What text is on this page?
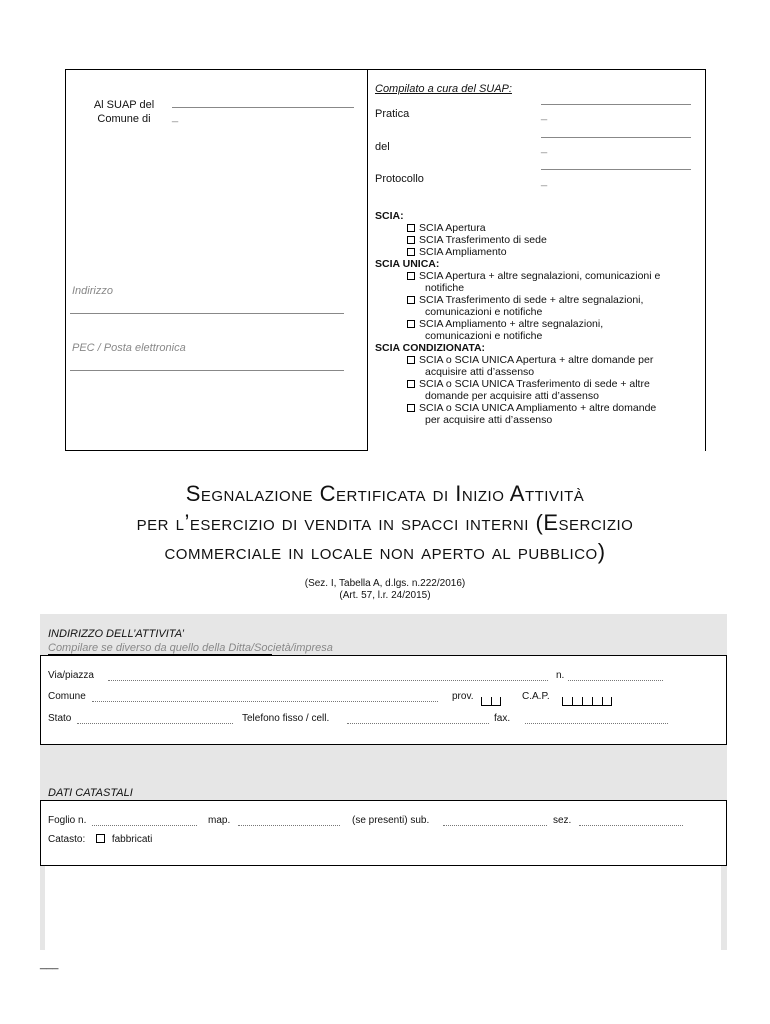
Al SUAP del
Comune di	_
Indirizzo
PEC / Posta elettronica
Compilato a cura del SUAP:
Pratica	_
del	_
Protocollo	_
SCIA:
SCIA Apertura
SCIA Trasferimento di sede
SCIA Ampliamento
SCIA UNICA:
SCIA Apertura + altre segnalazioni, comunicazioni e
notifiche
SCIA Trasferimento di sede + altre segnalazioni,
comunicazioni e notifiche
SCIA Ampliamento + altre segnalazioni,
comunicazioni e notifiche
SCIA CONDIZIONATA:
SCIA o SCIA UNICA Apertura + altre domande per
acquisire atti d’assenso
SCIA o SCIA UNICA Trasferimento di sede + altre
domande per acquisire atti d’assenso
SCIA o SCIA UNICA Ampliamento + altre domande
per acquisire atti d’assenso
Segnalazione Certificata di Inizio Attività
per l’esercizio di vendita in spacci interni (Esercizio
commerciale in locale non aperto al pubblico)
(Sez. I, Tabella A, d.lgs. n.222/2016)
(Art. 57, l.r. 24/2015)
INDIRIZZO DELL’ATTIVITA’
Compilare se diverso da quello della Ditta/Società/impresa
Via/piazza	n.
Comune	prov.	C.A.P.
Stato	Telefono fisso / cell.	fax.
DATI CATASTALI
Foglio n.	map.	(se presenti) sub.	sez.
Catasto:	fabbricati
___
